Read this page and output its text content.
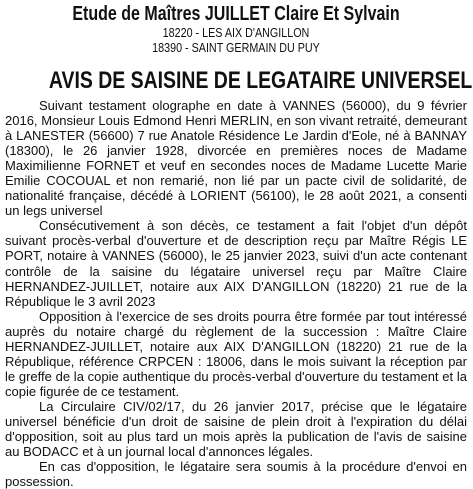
Etude de Maîtres JUILLET Claire Et Sylvain
18220 - LES AIX D'ANGILLON
18390 - SAINT GERMAIN DU PUY
AVIS DE SAISINE DE LEGATAIRE UNIVERSEL

Suivant testament olographe en date à VANNES (56000), du 9 février 2016, Monsieur Louis Edmond Henri MERLIN, en son vivant retraité, demeurant à LANESTER (56600) 7 rue Anatole Résidence Le Jardin d'Eole, né à BANNAY (18300), le 26 janvier 1928, divorcée en premières noces de Madame Maximilienne FORNET et veuf en secondes noces de Madame Lucette Marie Emilie COCOUAL et non remarié, non lié par un pacte civil de solidarité, de nationalité française, décédé à LORIENT (56100), le 28 août 2021, a consenti un legs universel

Consécutivement à son décès, ce testament a fait l'objet d'un dépôt suivant procès-verbal d'ouverture et de description reçu par Maître Régis LE PORT, notaire à VANNES (56000), le 25 janvier 2023, suivi d'un acte contenant contrôle de la saisine du légataire universel reçu par Maître Claire HERNANDEZ-JUILLET, notaire aux AIX D'ANGILLON (18220) 21 rue de la République le 3 avril 2023

Opposition à l'exercice de ses droits pourra être formée par tout intéressé auprès du notaire chargé du règlement de la succession : Maître Claire HERNANDEZ-JUILLET, notaire aux AIX D'ANGILLON (18220) 21 rue de la République, référence CRPCEN : 18006, dans le mois suivant la réception par le greffe de la copie authentique du procès-verbal d'ouverture du testament et la copie figurée de ce testament.

La Circulaire CIV/02/17, du 26 janvier 2017, précise que le légataire universel bénéficie d'un droit de saisine de plein droit à l'expiration du délai d'opposition, soit au plus tard un mois après la publication de l'avis de saisine au BODACC et à un journal local d'annonces légales.

En cas d'opposition, le légataire sera soumis à la procédure d'envoi en possession.
